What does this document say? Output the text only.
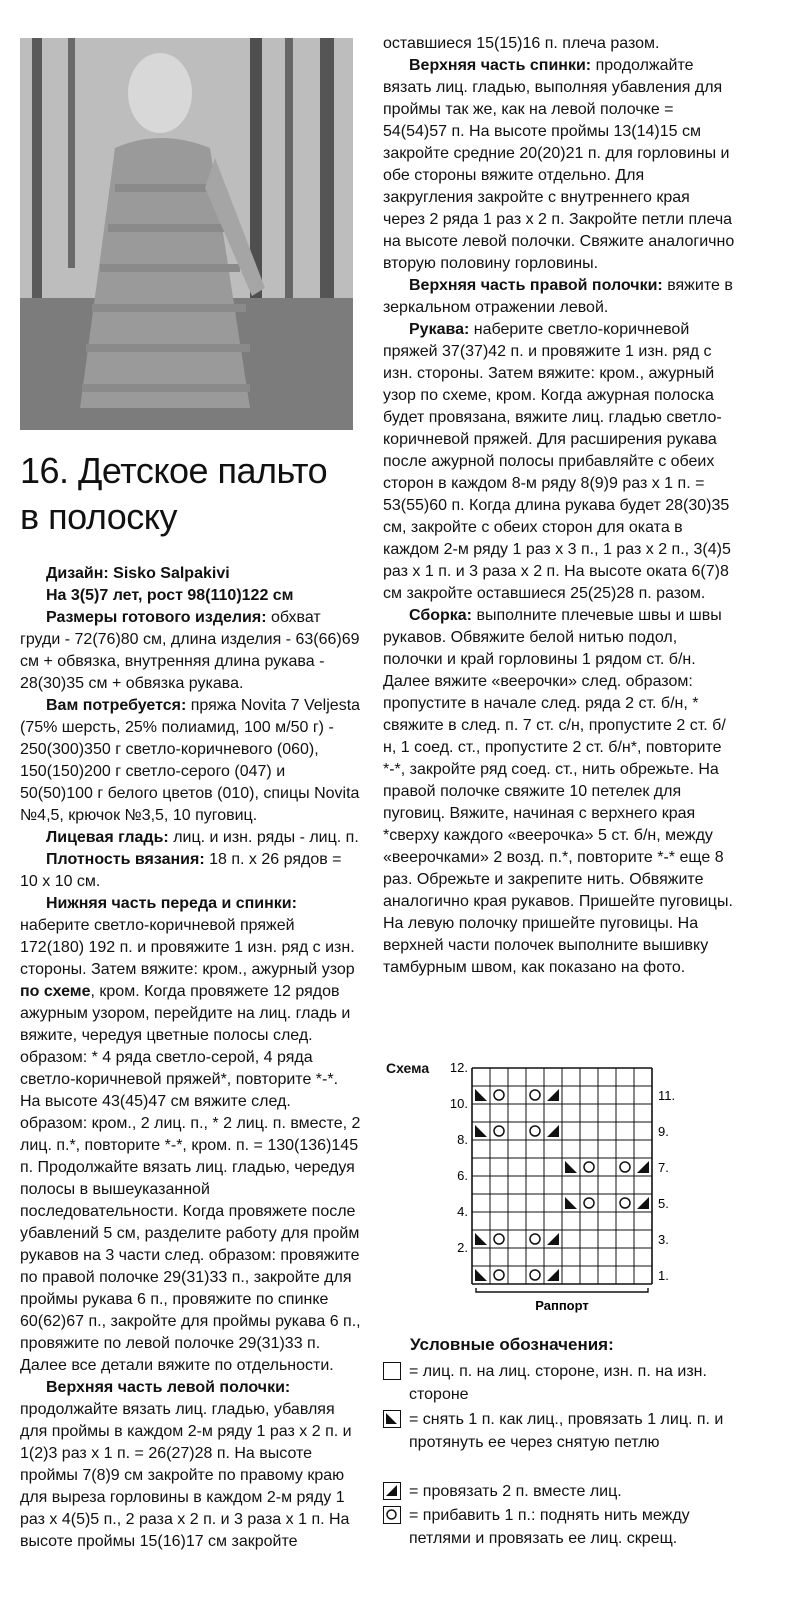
16. Детское пальто
в полоску

Дизайн: Sisko Salpakivi

На 3(5)7 лет, рост 98(110)122 см

Размеры готового изделия: обхват груди - 72(76)80 см, длина изделия - 63(66)69 см + обвязка, внутренняя длина рукава - 28(30)35 см + обвязка рукава.

Вам потребуется: пряжа Novita 7 Veljesta (75% шерсть, 25% полиамид, 100 м/50 г) - 250(300)350 г светло-коричневого (060), 150(150)200 г светло-серого (047) и 50(50)100 г белого цветов (010), спицы Novita №4,5, крючок №3,5, 10 пуговиц.

Лицевая гладь: лиц. и изн. ряды - лиц. п.

Плотность вязания: 18 п. х 26 рядов = 10 х 10 см.

Нижняя часть переда и спинки: наберите светло-коричневой пряжей 172(180) 192 п. и провяжите 1 изн. ряд с изн. стороны. Затем вяжите: кром., ажурный узор по схеме, кром. Когда провяжете 12 рядов ажурным узором, перейдите на лиц. гладь и вяжите, чередуя цветные полосы след. образом: * 4 ряда светло-серой, 4 ряда светло-коричневой пряжей*, повторите *-*. На высоте 43(45)47 см вяжите след. образом: кром., 2 лиц. п., * 2 лиц. п. вместе, 2 лиц. п.*, повторите *-*, кром. п. = 130(136)145 п. Продолжайте вязать лиц. гладью, чередуя полосы в вышеуказанной последовательности. Когда провяжете после убавлений 5 см, разделите работу для пройм рукавов на 3 части след. образом: провяжите по правой полочке 29(31)33 п., закройте для проймы рукава 6 п., провяжите по спинке 60(62)67 п., закройте для проймы рукава 6 п., провяжите по левой полочке 29(31)33 п. Далее все детали вяжите по отдельности.

Верхняя часть левой полочки: продолжайте вязать лиц. гладью, убавляя для проймы в каждом 2-м ряду 1 раз х 2 п. и 1(2)3 раз х 1 п. = 26(27)28 п. На высоте проймы 7(8)9 см закройте по правому краю для выреза горловины в каждом 2-м ряду 1 раз х 4(5)5 п., 2 раза х 2 п. и 3 раза х 1 п. На высоте проймы 15(16)17 см закройте

оставшиеся 15(15)16 п. плеча разом.

Верхняя часть спинки: продолжайте вязать лиц. гладью, выполняя убавления для проймы так же, как на левой полочке = 54(54)57 п. На высоте проймы 13(14)15 см закройте средние 20(20)21 п. для горловины и обе стороны вяжите отдельно. Для закругления закройте с внутреннего края через 2 ряда 1 раз х 2 п. Закройте петли плеча на высоте левой полочки. Свяжите аналогично вторую половину горловины.

Верхняя часть правой полочки: вяжите в зеркальном отражении левой.

Рукава: наберите светло-коричневой пряжей 37(37)42 п. и провяжите 1 изн. ряд с изн. стороны. Затем вяжите: кром., ажурный узор по схеме, кром. Когда ажурная полоска будет провязана, вяжите лиц. гладью светло-коричневой пряжей. Для расширения рукава после ажурной полосы прибавляйте с обеих сторон в каждом 8-м ряду 8(9)9 раз х 1 п. = 53(55)60 п. Когда длина рукава будет 28(30)35 см, закройте с обеих сторон для оката в каждом 2-м ряду 1 раз х 3 п., 1 раз х 2 п., 3(4)5 раз х 1 п. и 3 раза х 2 п. На высоте оката 6(7)8 см закройте оставшиеся 25(25)28 п. разом.

Сборка: выполните плечевые швы и швы рукавов. Обвяжите белой нитью подол, полочки и край горловины 1 рядом ст. б/н. Далее вяжите «веерочки» след. образом: пропустите в начале след. ряда 2 ст. б/н, * свяжите в след. п. 7 ст. с/н, пропустите 2 ст. б/н, 1 соед. ст., пропустите 2 ст. б/н*, повторите *-*, закройте ряд соед. ст., нить обрежьте. На правой полочке свяжите 10 петелек для пуговиц. Вяжите, начиная с верхнего края *сверху каждого «веерочка» 5 ст. б/н, между «веерочками» 2 возд. п.*, повторите *-* еще 8 раз. Обрежьте и закрепите нить. Обвяжите аналогично края рукавов. Пришейте пуговицы. На левую полочку пришейте пуговицы. На верхней части полочек выполните вышивку тамбурным швом, как показано на фото.

Схема 12.
10.
8.
6.
4.
2.
11.
9.
7.
5.
3.
1.
Раппорт
Условные обозначения:
= лиц. п. на лиц. стороне, изн. п. на изн. стороне
= снять 1 п. как лиц., провязать 1 лиц. п. и протянуть ее через снятую петлю
= провязать 2 п. вместе лиц.
= прибавить 1 п.: поднять нить между петлями и провязать ее лиц. скрещ.
